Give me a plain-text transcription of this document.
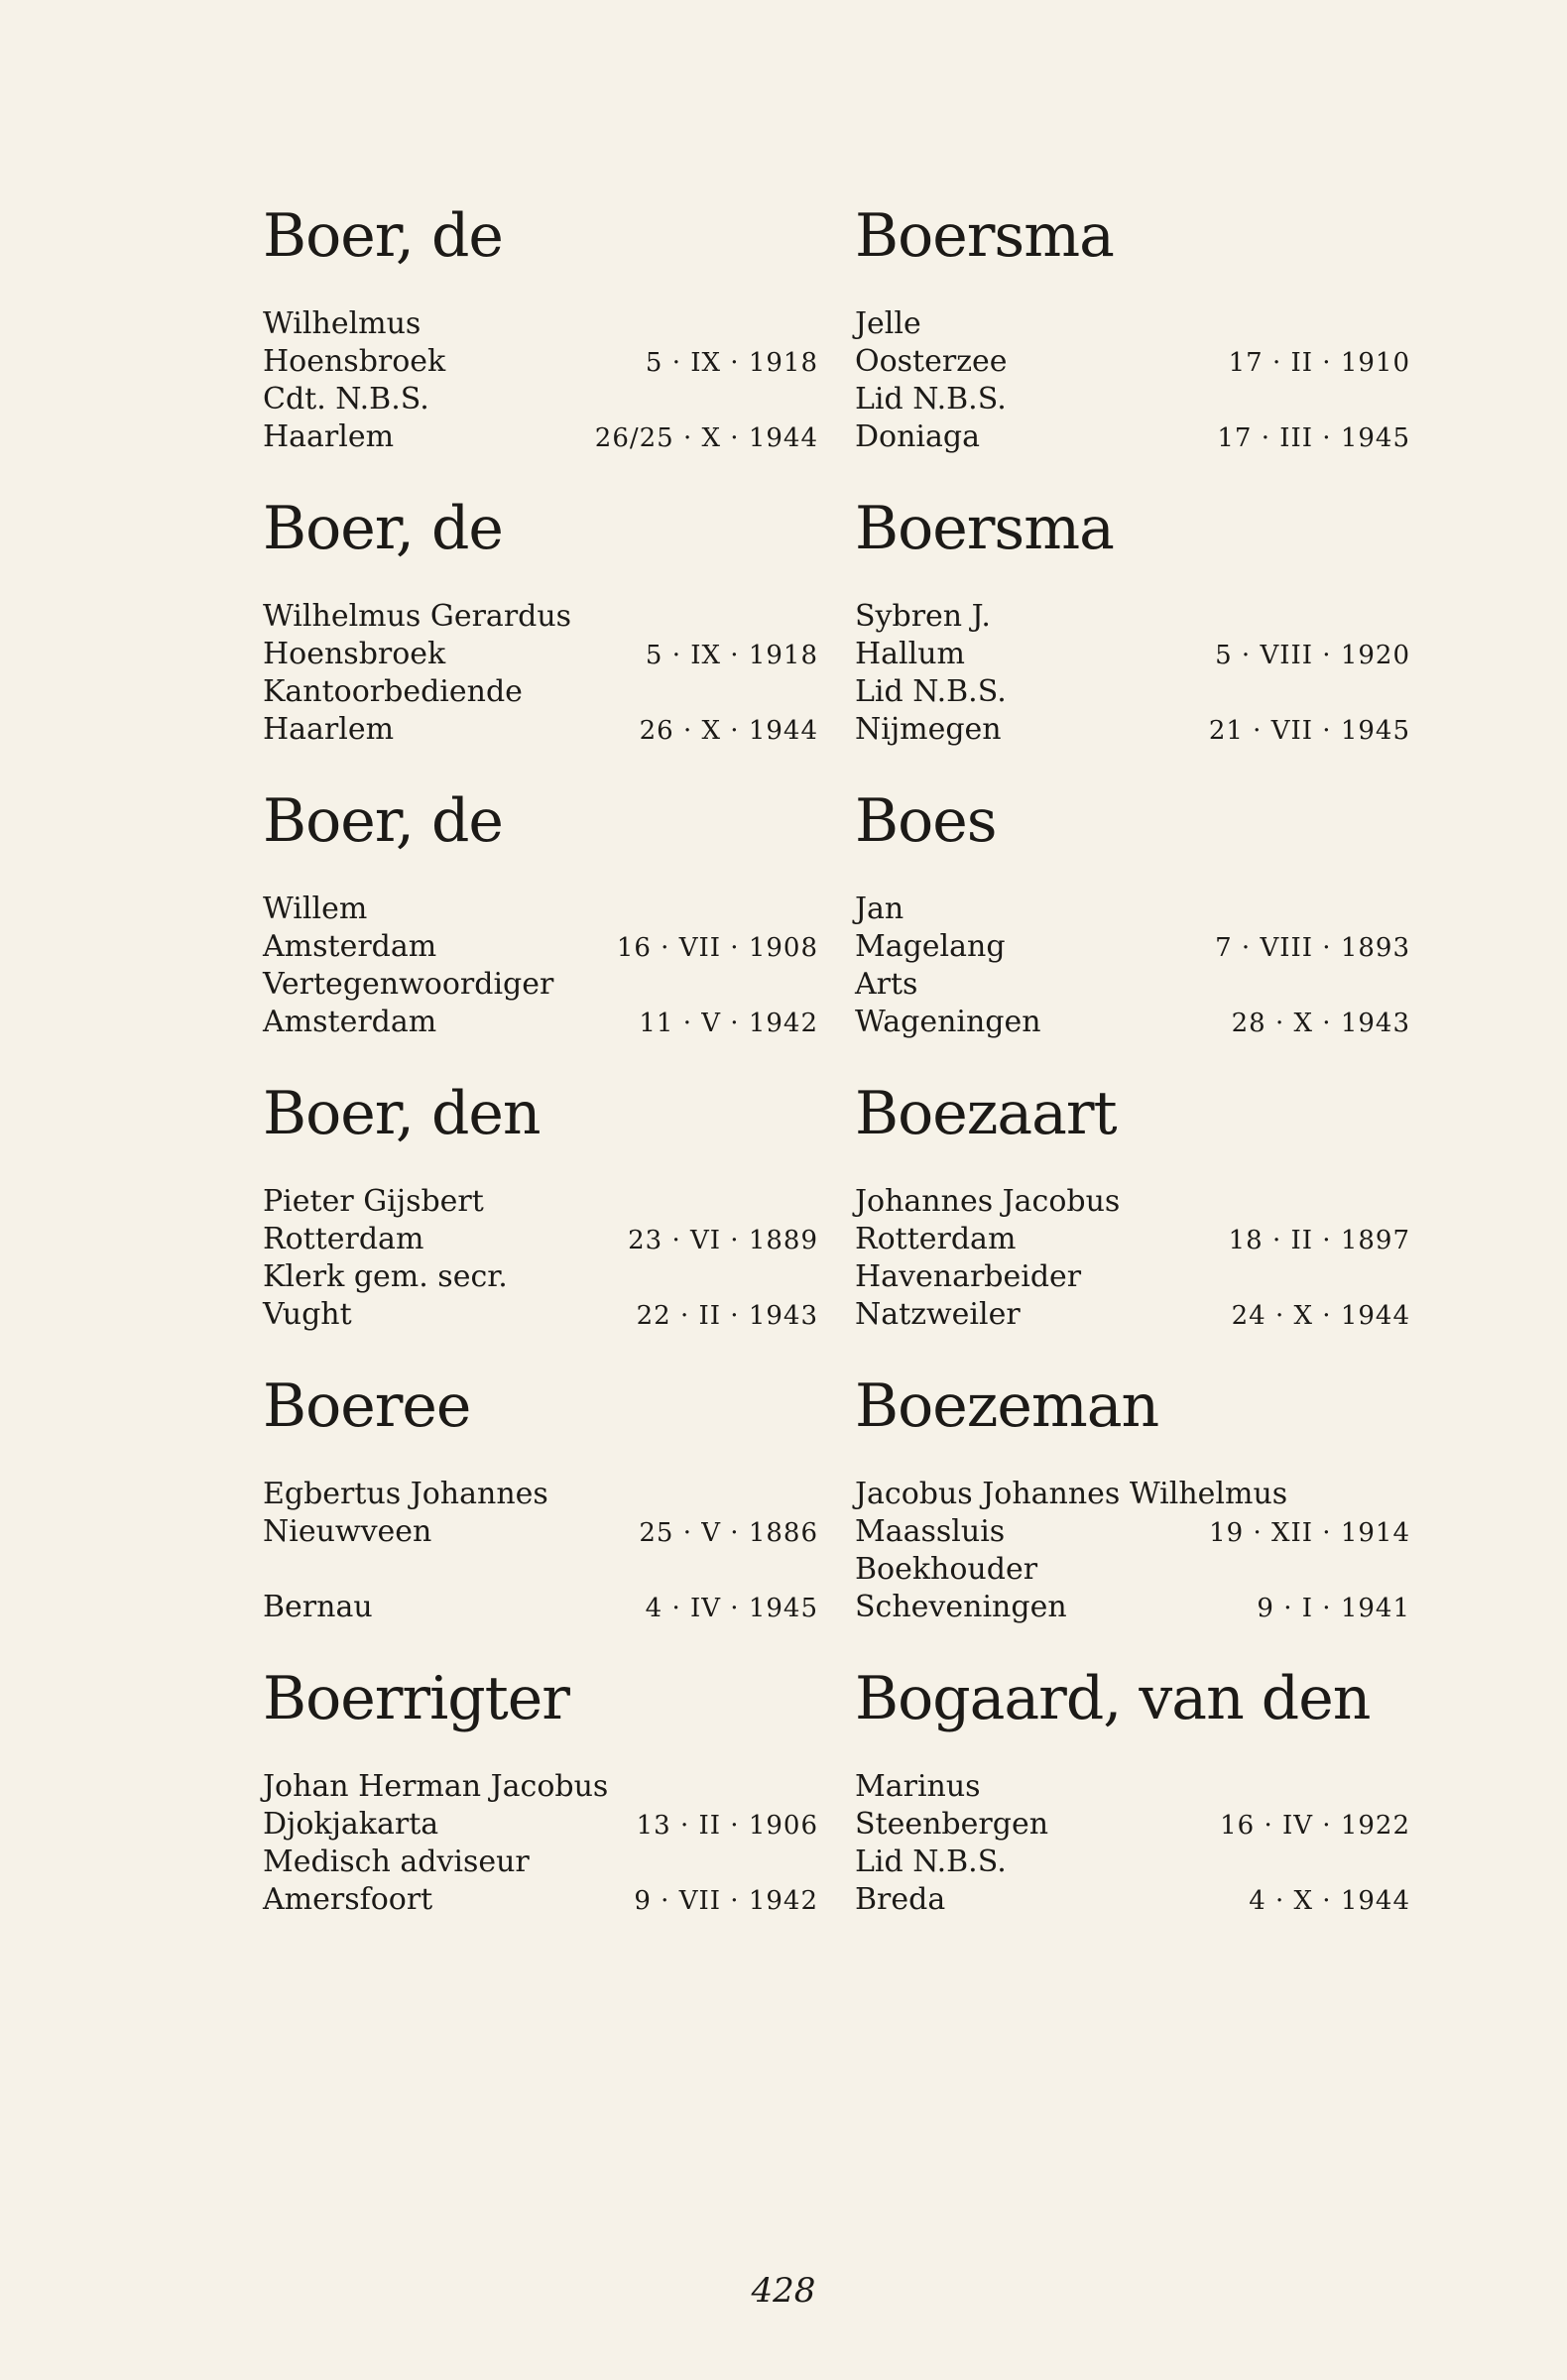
Boer, de
Wilhelmus
Hoensbroek	5 · IX · 1918
Cdt. N.B.S.
Haarlem	26/25 · X · 1944
Boer, de
Wilhelmus Gerardus
Hoensbroek	5 · IX · 1918
Kantoorbediende
Haarlem	26 · X · 1944
Boer, de
Willem
Amsterdam	16 · VII · 1908
Vertegenwoordiger
Amsterdam	11 · V · 1942
Boer, den
Pieter Gijsbert
Rotterdam	23 · VI · 1889
Klerk gem. secr.
Vught	22 · II · 1943
Boeree
Egbertus Johannes
Nieuwveen	25 · V · 1886
Bernau	4 · IV · 1945
Boerrigter
Johan Herman Jacobus
Djokjakarta	13 · II · 1906
Medisch adviseur
Amersfoort	9 · VII · 1942
Boersma
Jelle
Oosterzee	17 · II · 1910
Lid N.B.S.
Doniaga	17 · III · 1945
Boersma
Sybren J.
Hallum	5 · VIII · 1920
Lid N.B.S.
Nijmegen	21 · VII · 1945
Boes
Jan
Magelang	7 · VIII · 1893
Arts
Wageningen	28 · X · 1943
Boezaart
Johannes Jacobus
Rotterdam	18 · II · 1897
Havenarbeider
Natzweiler	24 · X · 1944
Boezeman
Jacobus Johannes Wilhelmus
Maassluis	19 · XII · 1914
Boekhouder
Scheveningen	9 · I · 1941
Bogaard, van den
Marinus
Steenbergen	16 · IV · 1922
Lid N.B.S.
Breda	4 · X · 1944
428
